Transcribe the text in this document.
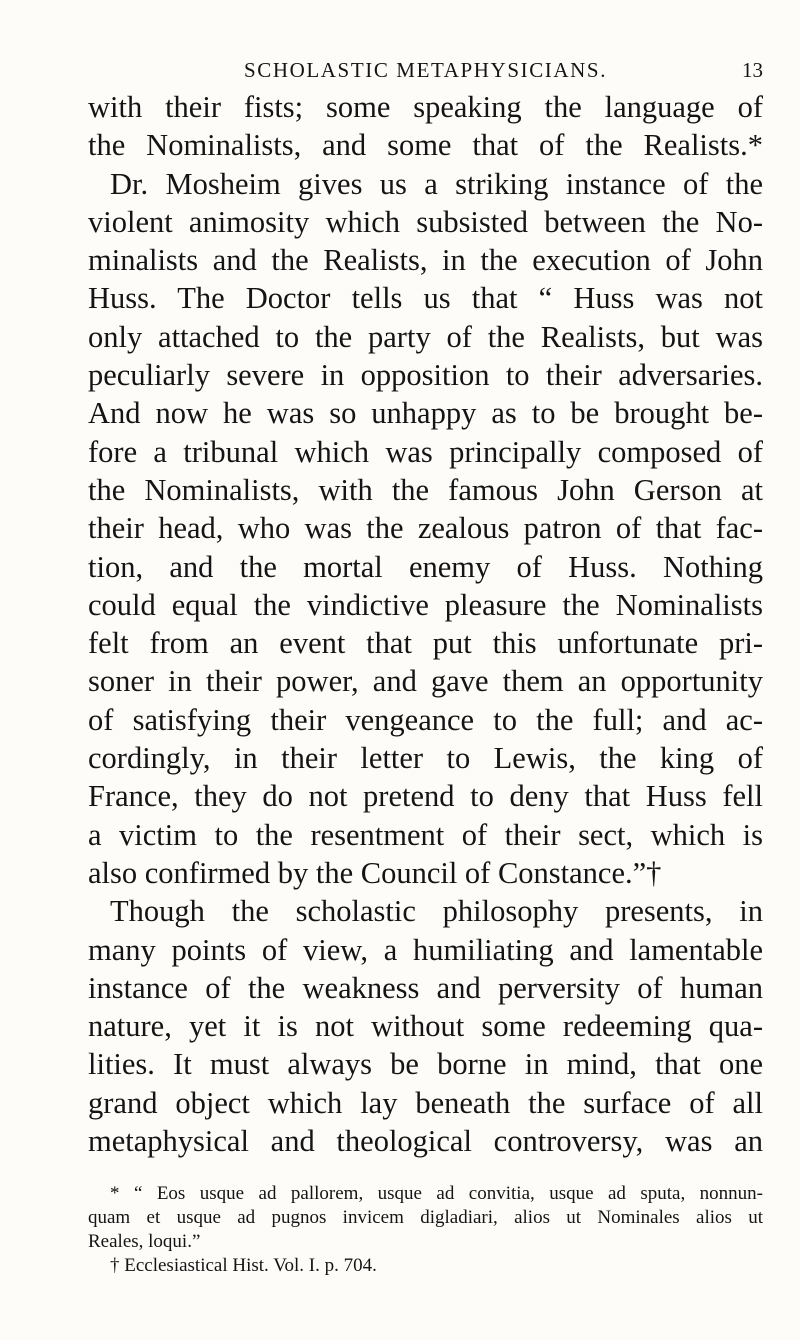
SCHOLASTIC METAPHYSICIANS.	13
with their fists; some speaking the language of
the Nominalists, and some that of the Realists.*
Dr. Mosheim gives us a striking instance of the
violent animosity which subsisted between the No-
minalists and the Realists, in the execution of John
Huss. The Doctor tells us that “ Huss was not
only attached to the party of the Realists, but was
peculiarly severe in opposition to their adversaries.
And now he was so unhappy as to be brought be-
fore a tribunal which was principally composed of
the Nominalists, with the famous John Gerson at
their head, who was the zealous patron of that fac-
tion, and the mortal enemy of Huss. Nothing
could equal the vindictive pleasure the Nominalists
felt from an event that put this unfortunate pri-
soner in their power, and gave them an opportunity
of satisfying their vengeance to the full; and ac-
cordingly, in their letter to Lewis, the king of
France, they do not pretend to deny that Huss fell
a victim to the resentment of their sect, which is
also confirmed by the Council of Constance.”†
Though the scholastic philosophy presents, in
many points of view, a humiliating and lamentable
instance of the weakness and perversity of human
nature, yet it is not without some redeeming qua-
lities. It must always be borne in mind, that one
grand object which lay beneath the surface of all
metaphysical and theological controversy, was an
* “ Eos usque ad pallorem, usque ad convitia, usque ad sputa, nonnun-
quam et usque ad pugnos invicem digladiari, alios ut Nominales alios ut
Reales, loqui.”
† Ecclesiastical Hist. Vol. I. p. 704.
